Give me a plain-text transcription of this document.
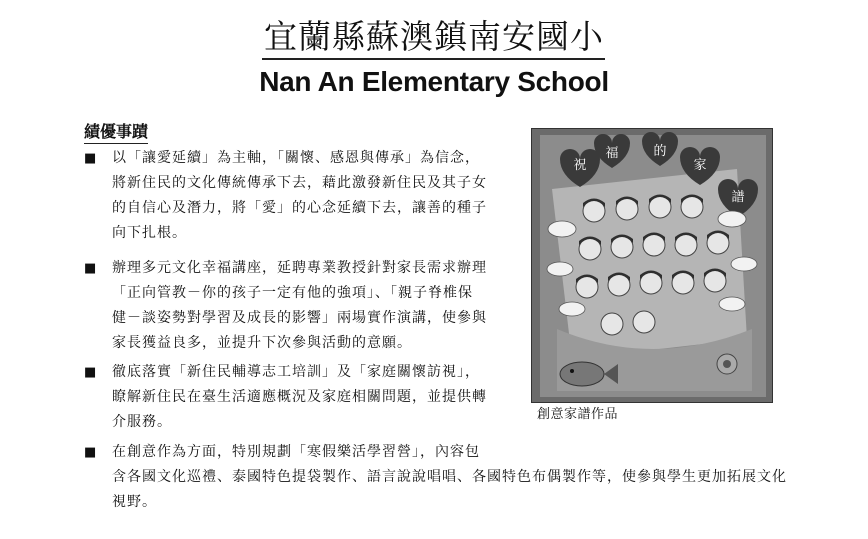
宜蘭縣蘇澳鎮南安國小
Nan An Elementary School
績優事蹟
■	以「讓愛延續」為主軸，「關懷、感恩與傳承」為信念，
將新住民的文化傳統傳承下去，藉此激發新住民及其子女
的自信心及潛力，將「愛」的心念延續下去，讓善的種子
向下扎根。
■	辦理多元文化幸福講座，延聘專業教授針對家長需求辦理
「正向管教－你的孩子一定有他的強項」、「親子脊椎保
健－談姿勢對學習及成長的影響」兩場實作演講，使參與
家長獲益良多，並提升下次參與活動的意願。
■	徹底落實「新住民輔導志工培訓」及「家庭關懷訪視」，
瞭解新住民在臺生活適應概況及家庭相關問題，並提供轉
介服務。
■	在創意作為方面，特別規劃「寒假樂活學習營」，內容包
含各國文化巡禮、泰國特色提袋製作、語言說說唱唱、各國特色布偶製作等，使參與學生更加拓展文化
視野。
祝
福	的
家
譜
創意家譜作品
